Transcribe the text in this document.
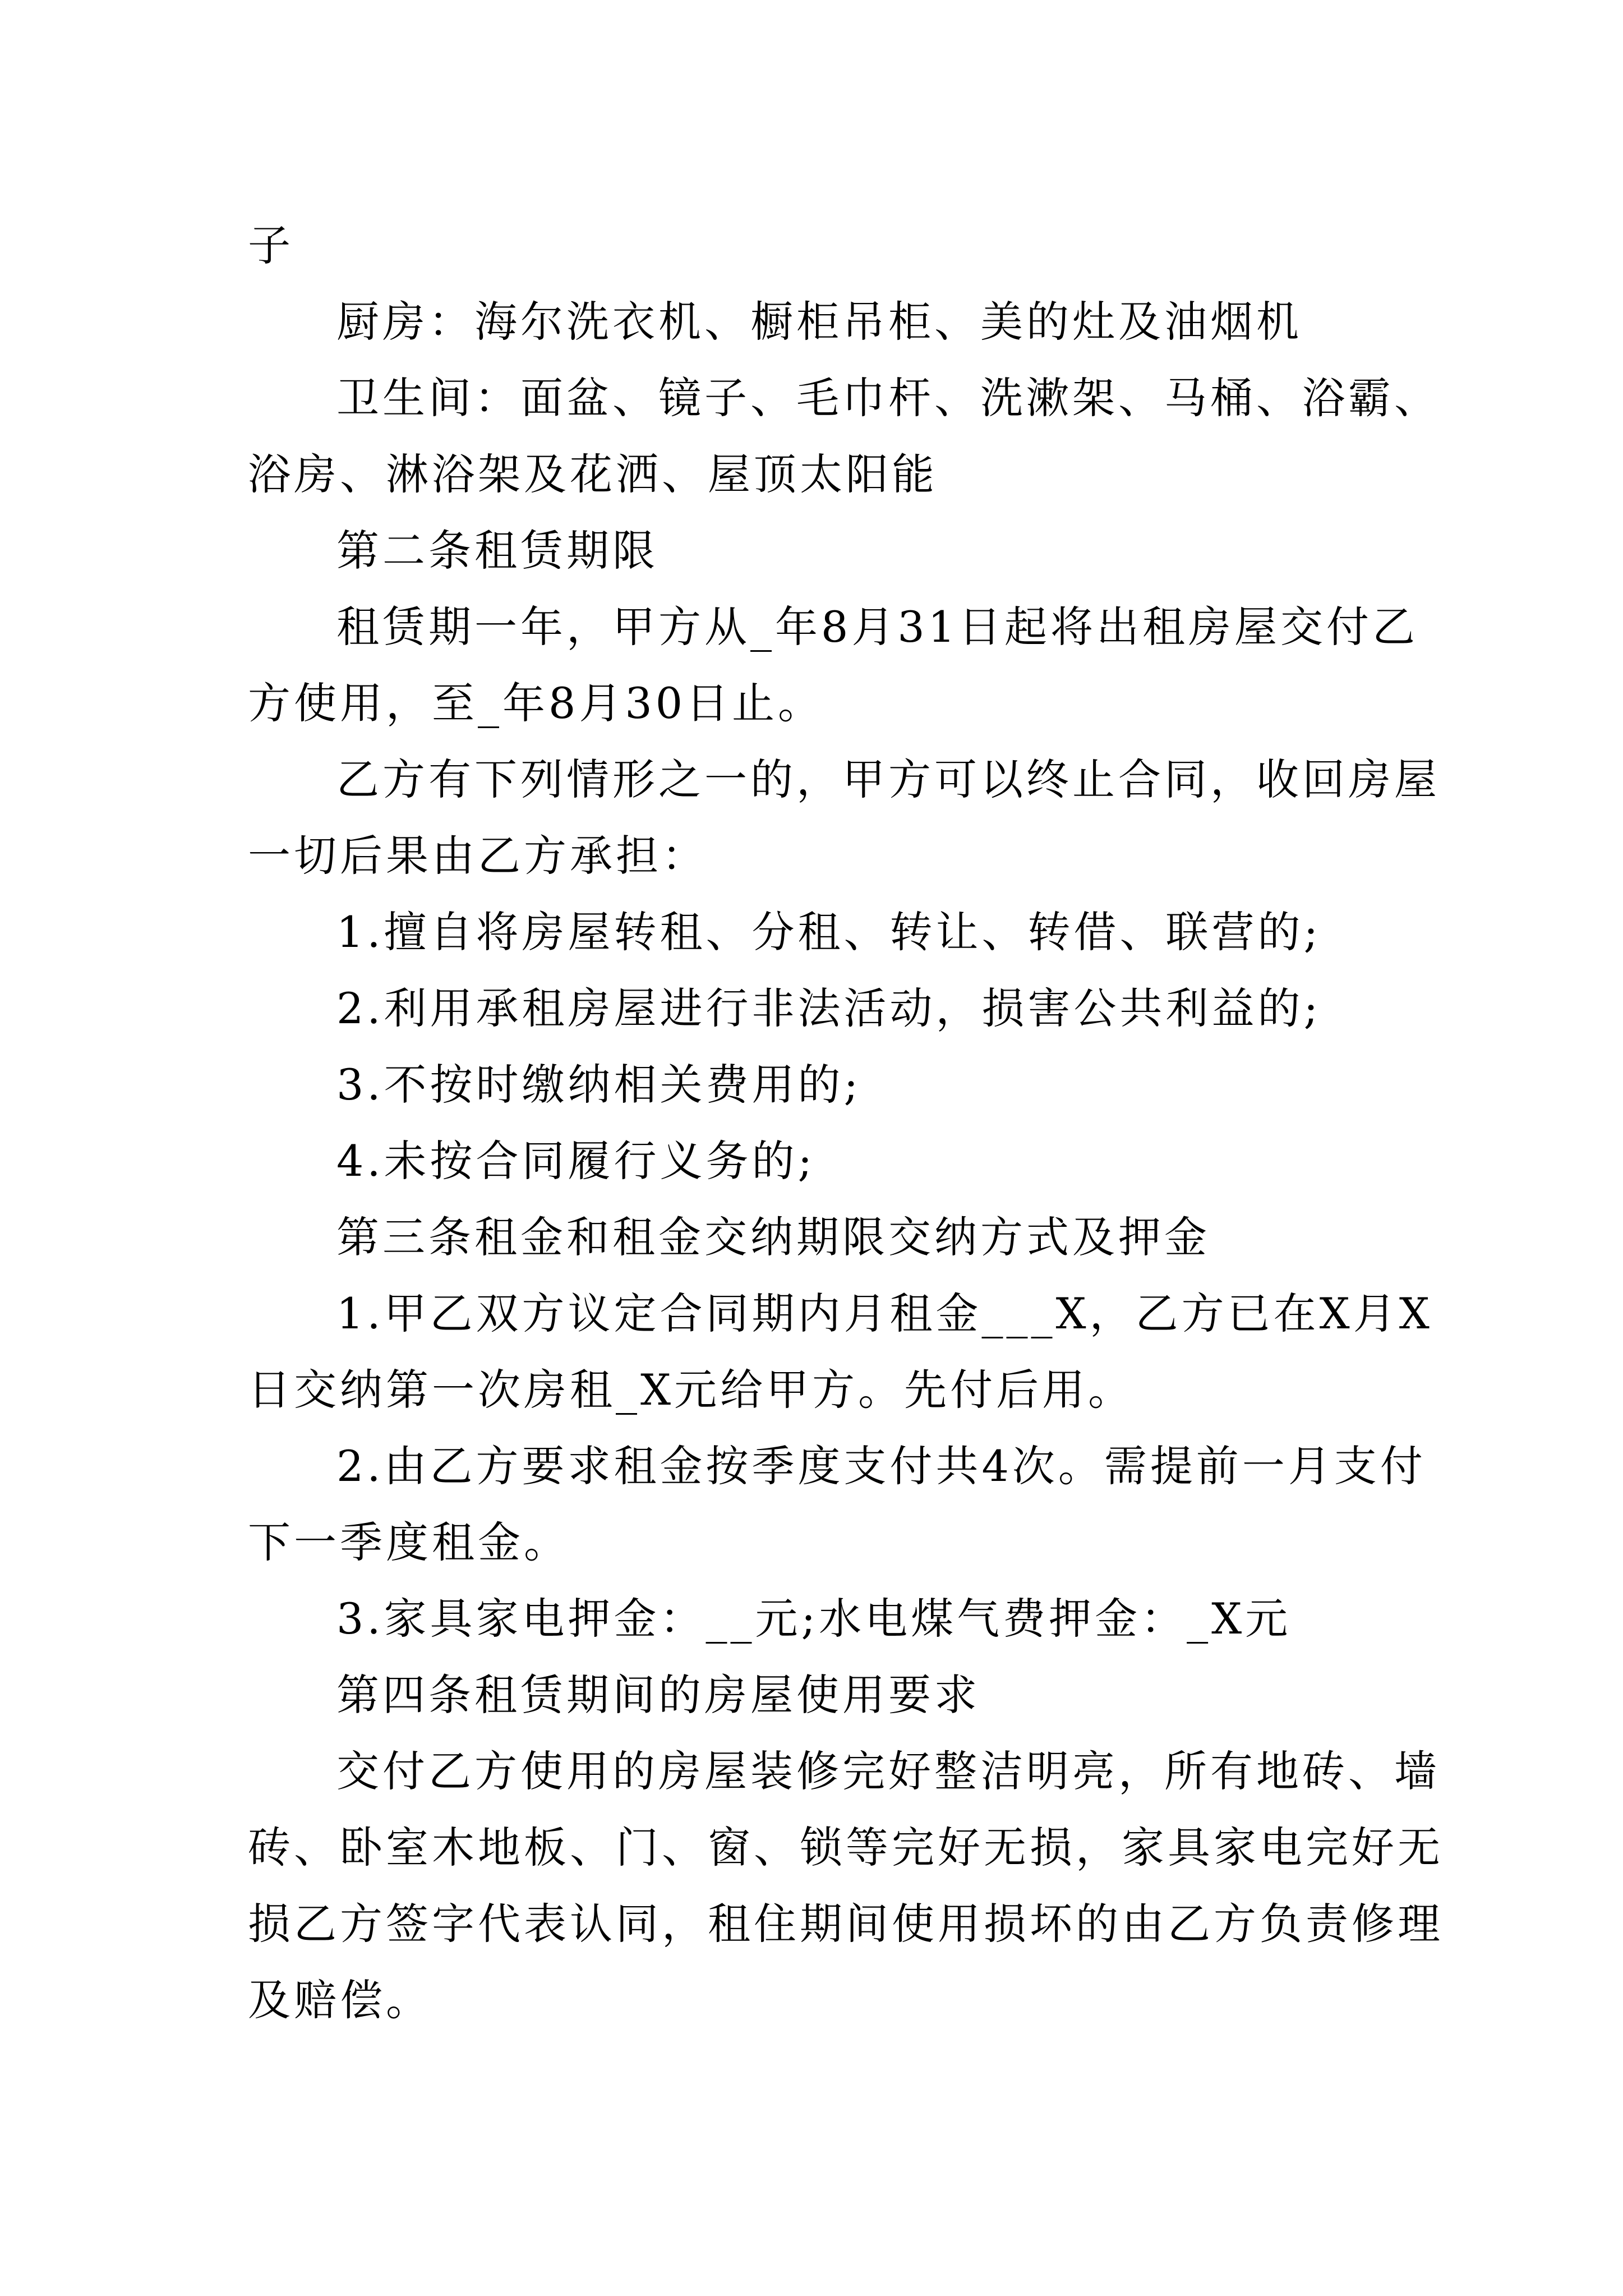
子
厨房：海尔洗衣机、橱柜吊柜、美的灶及油烟机
卫生间：面盆、镜子、毛巾杆、洗漱架、马桶、浴霸、
浴房、淋浴架及花洒、屋顶太阳能
第二条租赁期限
租赁期一年，甲方从_年8月31日起将出租房屋交付乙
方使用，至_年8月30日止。
乙方有下列情形之一的，甲方可以终止合同，收回房屋
一切后果由乙方承担：
1.擅自将房屋转租、分租、转让、转借、联营的;
2.利用承租房屋进行非法活动，损害公共利益的;
3.不按时缴纳相关费用的;
4.未按合同履行义务的;
第三条租金和租金交纳期限交纳方式及押金
1.甲乙双方议定合同期内月租金___X，乙方已在X月X
日交纳第一次房租_X元给甲方。先付后用。
2.由乙方要求租金按季度支付共4次。需提前一月支付
下一季度租金。
3.家具家电押金：__元;水电煤气费押金：_X元
第四条租赁期间的房屋使用要求
交付乙方使用的房屋装修完好整洁明亮，所有地砖、墙
砖、卧室木地板、门、窗、锁等完好无损，家具家电完好无
损乙方签字代表认同，租住期间使用损坏的由乙方负责修理
及赔偿。
